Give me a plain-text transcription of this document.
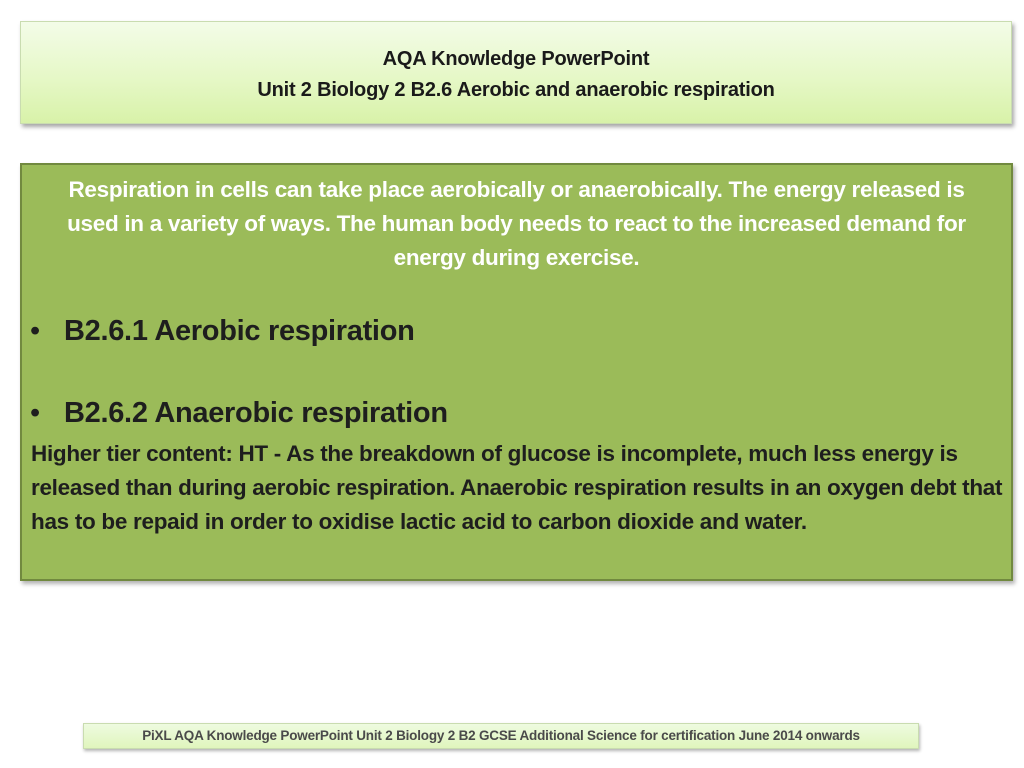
AQA Knowledge PowerPoint
Unit 2 Biology 2 B2.6 Aerobic and anaerobic respiration
Respiration in cells can take place aerobically or anaerobically. The energy released is used in a variety of ways. The human body needs to react to the increased demand for energy during exercise.
• B2.6.1 Aerobic respiration
• B2.6.2 Anaerobic respiration
Higher tier content: HT - As the breakdown of glucose is incomplete, much less energy is released than during aerobic respiration. Anaerobic respiration results in an oxygen debt that has to be repaid in order to oxidise lactic acid to carbon dioxide and water.
PiXL AQA Knowledge PowerPoint Unit 2 Biology 2 B2 GCSE Additional Science for certification June 2014 onwards
